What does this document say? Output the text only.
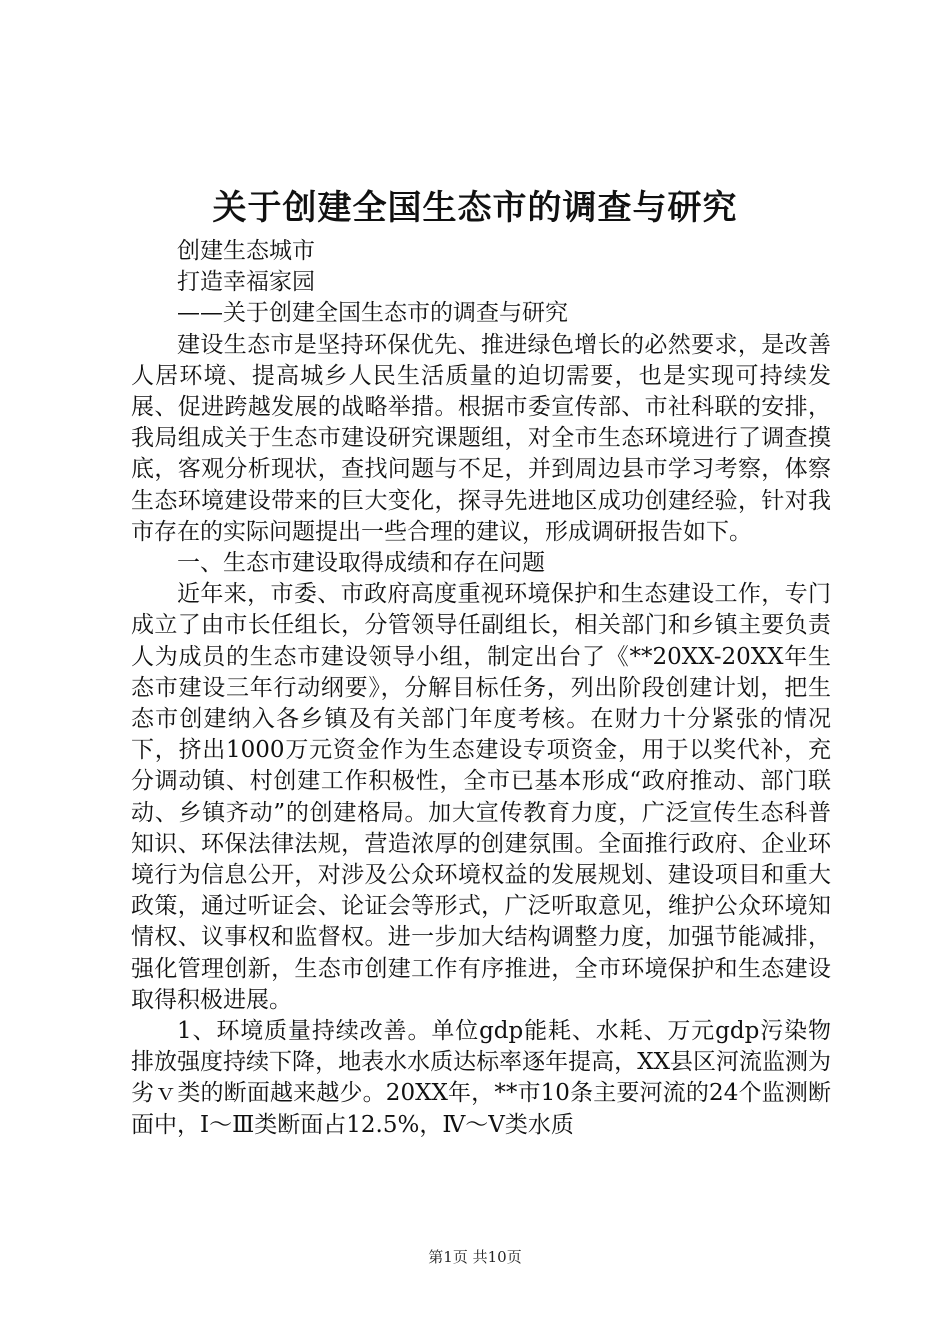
关于创建全国生态市的调查与研究

创建生态城市

打造幸福家园

——关于创建全国生态市的调查与研究

建设生态市是坚持环保优先、推进绿色增长的必然要求，是改善人居环境、提高城乡人民生活质量的迫切需要，也是实现可持续发展、促进跨越发展的战略举措。根据市委宣传部、市社科联的安排，我局组成关于生态市建设研究课题组，对全市生态环境进行了调查摸底，客观分析现状，查找问题与不足，并到周边县市学习考察，体察生态环境建设带来的巨大变化，探寻先进地区成功创建经验，针对我市存在的实际问题提出一些合理的建议，形成调研报告如下。

一、生态市建设取得成绩和存在问题

近年来，市委、市政府高度重视环境保护和生态建设工作，专门成立了由市长任组长，分管领导任副组长，相关部门和乡镇主要负责人为成员的生态市建设领导小组，制定出台了《**20XX-20XX年生态市建设三年行动纲要》，分解目标任务，列出阶段创建计划，把生态市创建纳入各乡镇及有关部门年度考核。在财力十分紧张的情况下，挤出1000万元资金作为生态建设专项资金，用于以奖代补，充分调动镇、村创建工作积极性，全市已基本形成“政府推动、部门联动、乡镇齐动”的创建格局。加大宣传教育力度，广泛宣传生态科普知识、环保法律法规，营造浓厚的创建氛围。全面推行政府、企业环境行为信息公开，对涉及公众环境权益的发展规划、建设项目和重大政策，通过听证会、论证会等形式，广泛听取意见，维护公众环境知情权、议事权和监督权。进一步加大结构调整力度，加强节能减排，强化管理创新，生态市创建工作有序推进，全市环境保护和生态建设取得积极进展。

1、环境质量持续改善。单位gdp能耗、水耗、万元gdp污染物排放强度持续下降，地表水水质达标率逐年提高，XX县区河流监测为劣ｖ类的断面越来越少。20XX年，**市10条主要河流的24个监测断面中，Ⅰ～Ⅲ类断面占12.5%，Ⅳ～Ⅴ类水质

第1页 共10页
